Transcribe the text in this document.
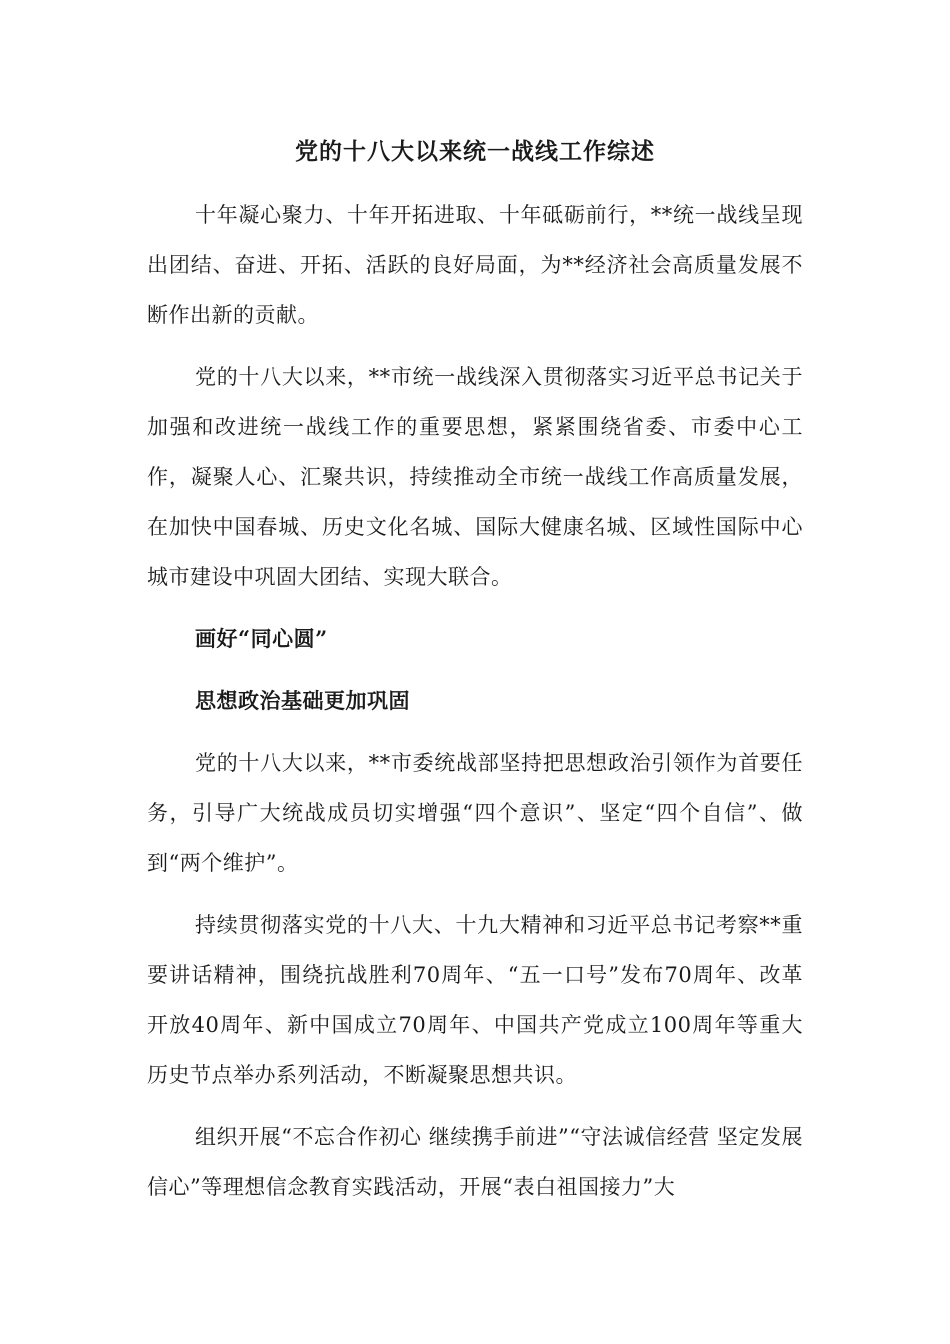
党的十八大以来统一战线工作综述

十年凝心聚力、十年开拓进取、十年砥砺前行，**统一战线呈现出团结、奋进、开拓、活跃的良好局面，为**经济社会高质量发展不断作出新的贡献。

党的十八大以来，**市统一战线深入贯彻落实习近平总书记关于加强和改进统一战线工作的重要思想，紧紧围绕省委、市委中心工作，凝聚人心、汇聚共识，持续推动全市统一战线工作高质量发展，在加快中国春城、历史文化名城、国际大健康名城、区域性国际中心城市建设中巩固大团结、实现大联合。

画好“同心圆”

思想政治基础更加巩固

党的十八大以来，**市委统战部坚持把思想政治引领作为首要任务，引导广大统战成员切实增强“四个意识”、坚定“四个自信”、做到“两个维护”。

持续贯彻落实党的十八大、十九大精神和习近平总书记考察**重要讲话精神，围绕抗战胜利70周年、“五一口号”发布70周年、改革开放40周年、新中国成立70周年、中国共产党成立100周年等重大历史节点举办系列活动，不断凝聚思想共识。

组织开展“不忘合作初心 继续携手前进”“守法诚信经营 坚定发展信心”等理想信念教育实践活动，开展“表白祖国接力”大
